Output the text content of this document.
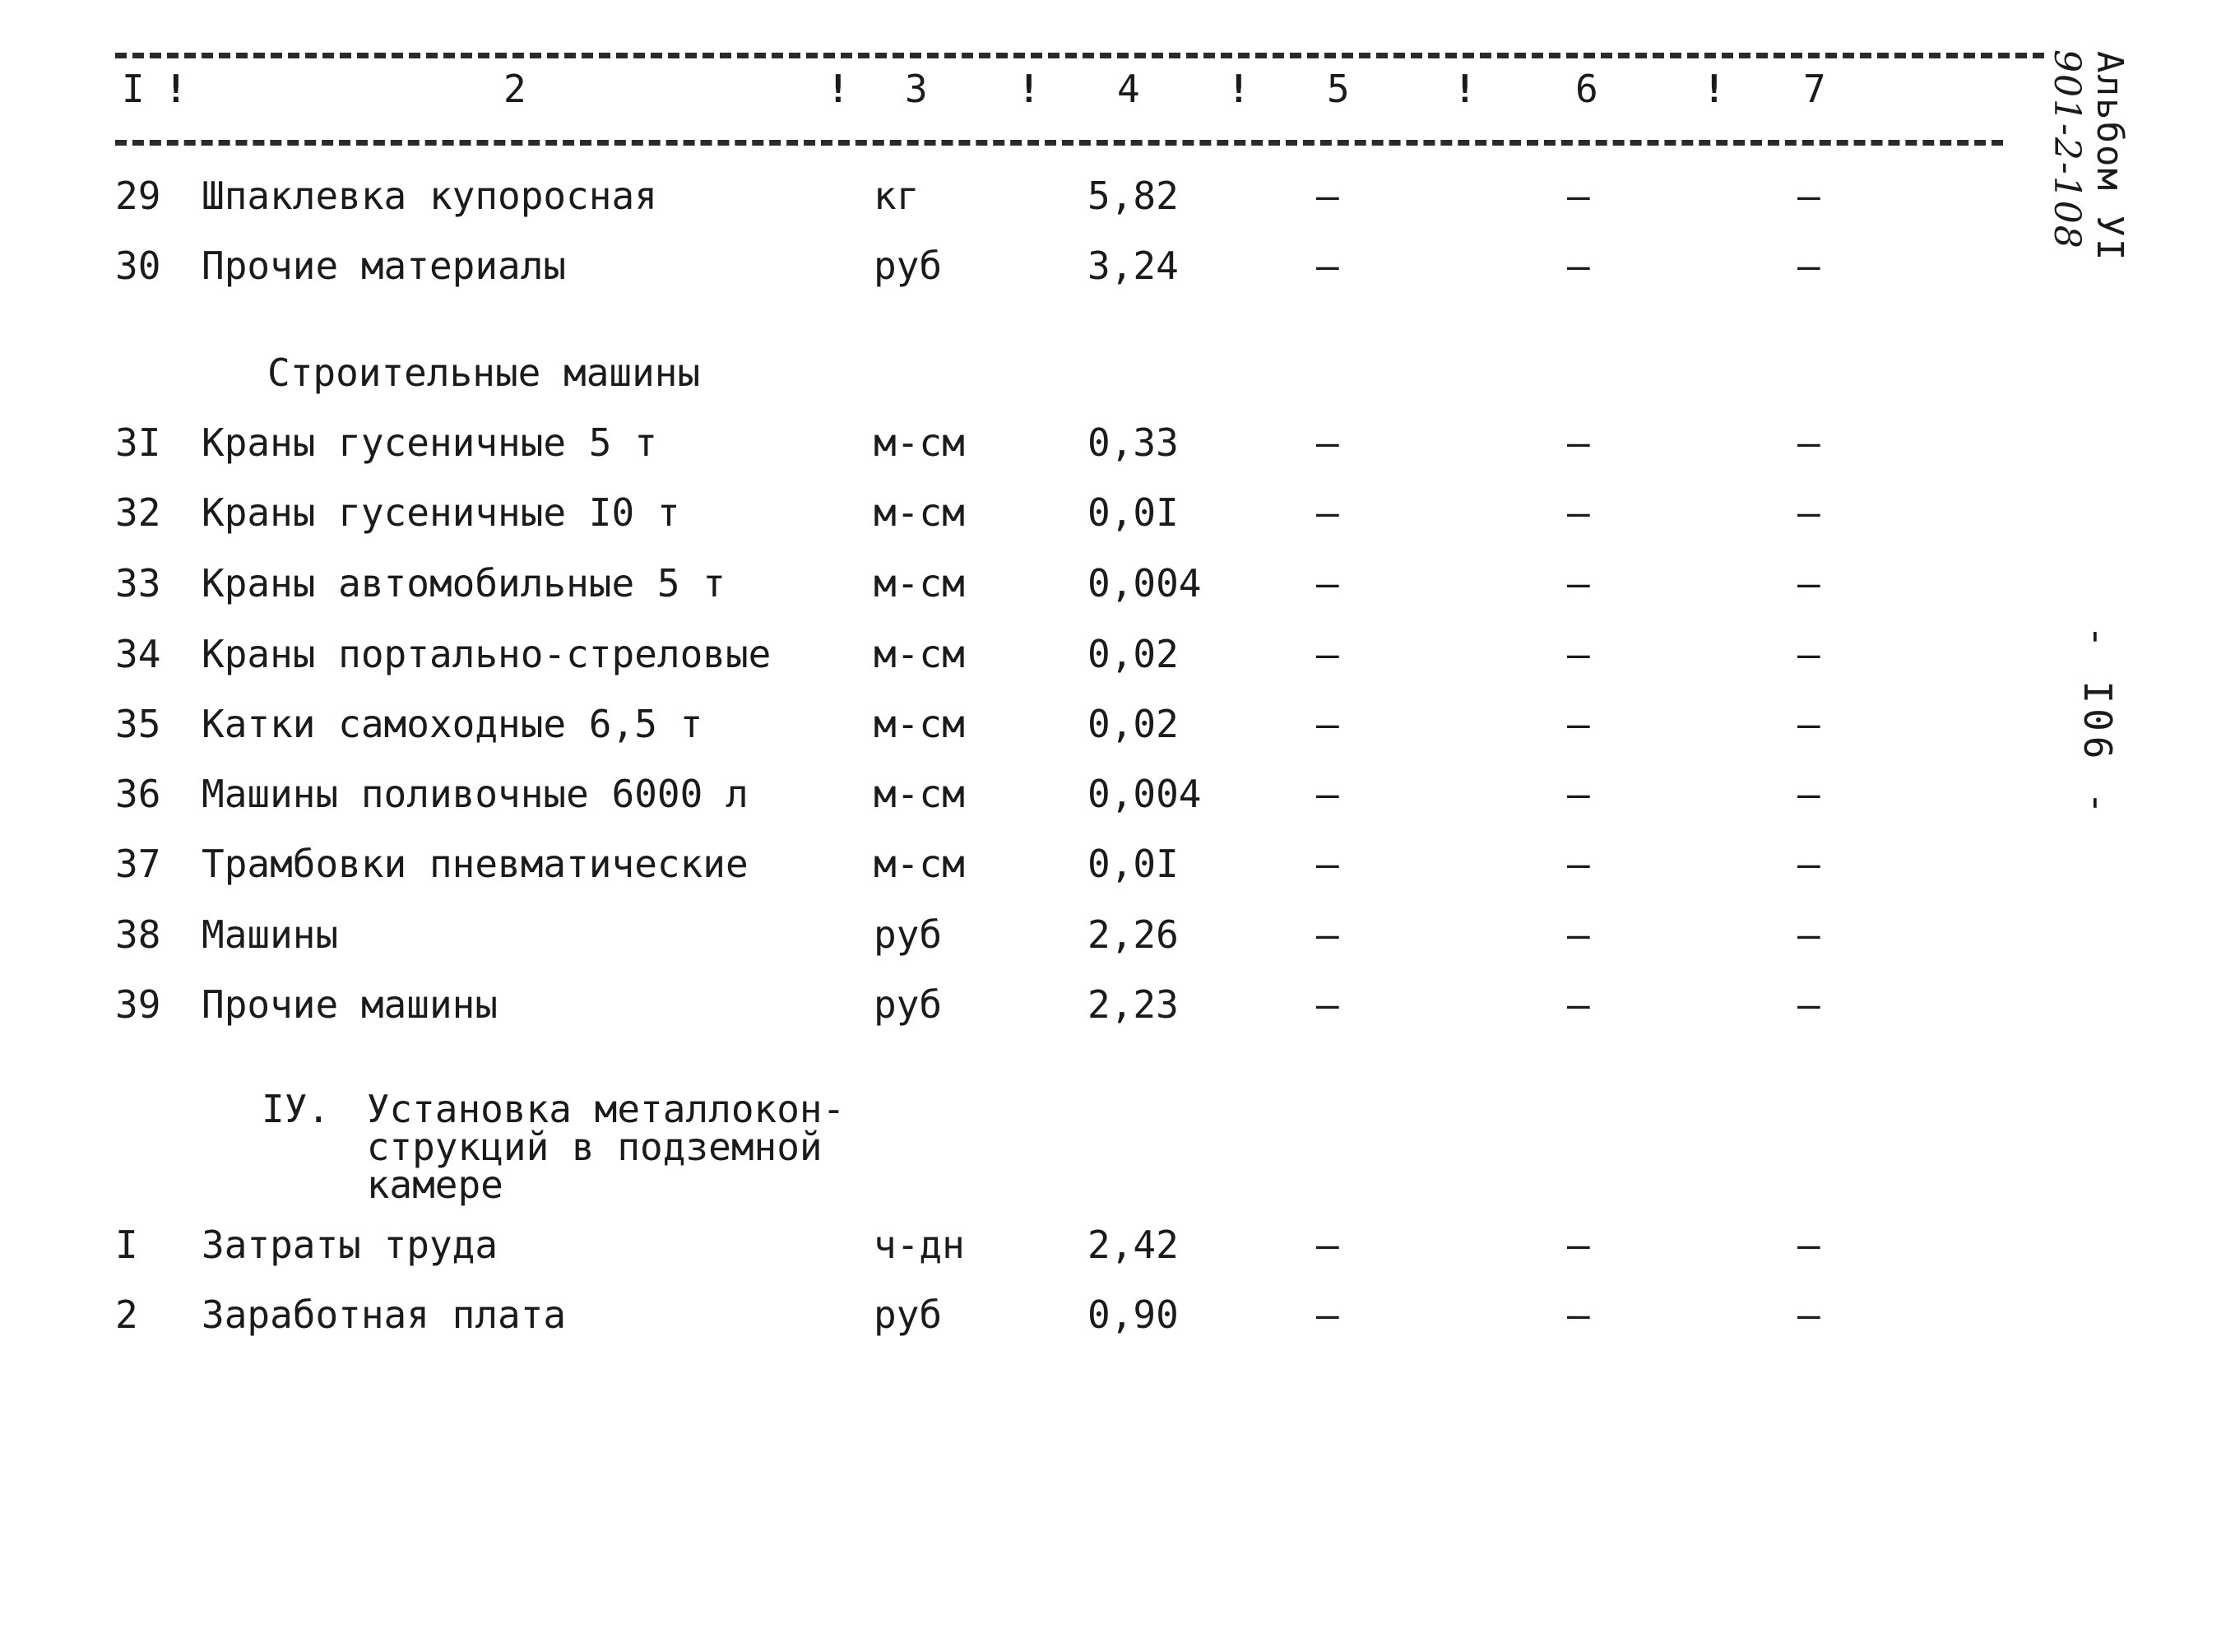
I !	2	! 3 ! 4 ! 5	!	6	! 7
29 Шпаклевка купоросная	кг	5,82	–	–	–
30 Прочие материалы	руб	3,24	–	–	–
Строительные машины
3I Краны гусеничные 5 т	м-см	0,33	–	–	–
32 Краны гусеничные I0 т	м-см	0,0I	–	–	–
33 Краны автомобильные 5 т	м-см	0,004	–	–	–
34 Краны портально-стреловые	м-см	0,02	–	–	–
35 Катки самоходные 6,5 т	м-см	0,02	–	–	–
36 Машины поливочные 6000 л	м-см	0,004	–	–	–
37 Трамбовки пневматические	м-см	0,0I	–	–	–
38 Машины	руб	2,26	–	–	–
39 Прочие машины	руб	2,23	–	–	–
IУ. Установка металлокон-
струкций в подземной
камере
I Затраты труда	ч-дн	2,42	–	–	–
2 Заработная плата	руб	0,90	–	–	–
Альбом УI
901-2-108
- I06 -
